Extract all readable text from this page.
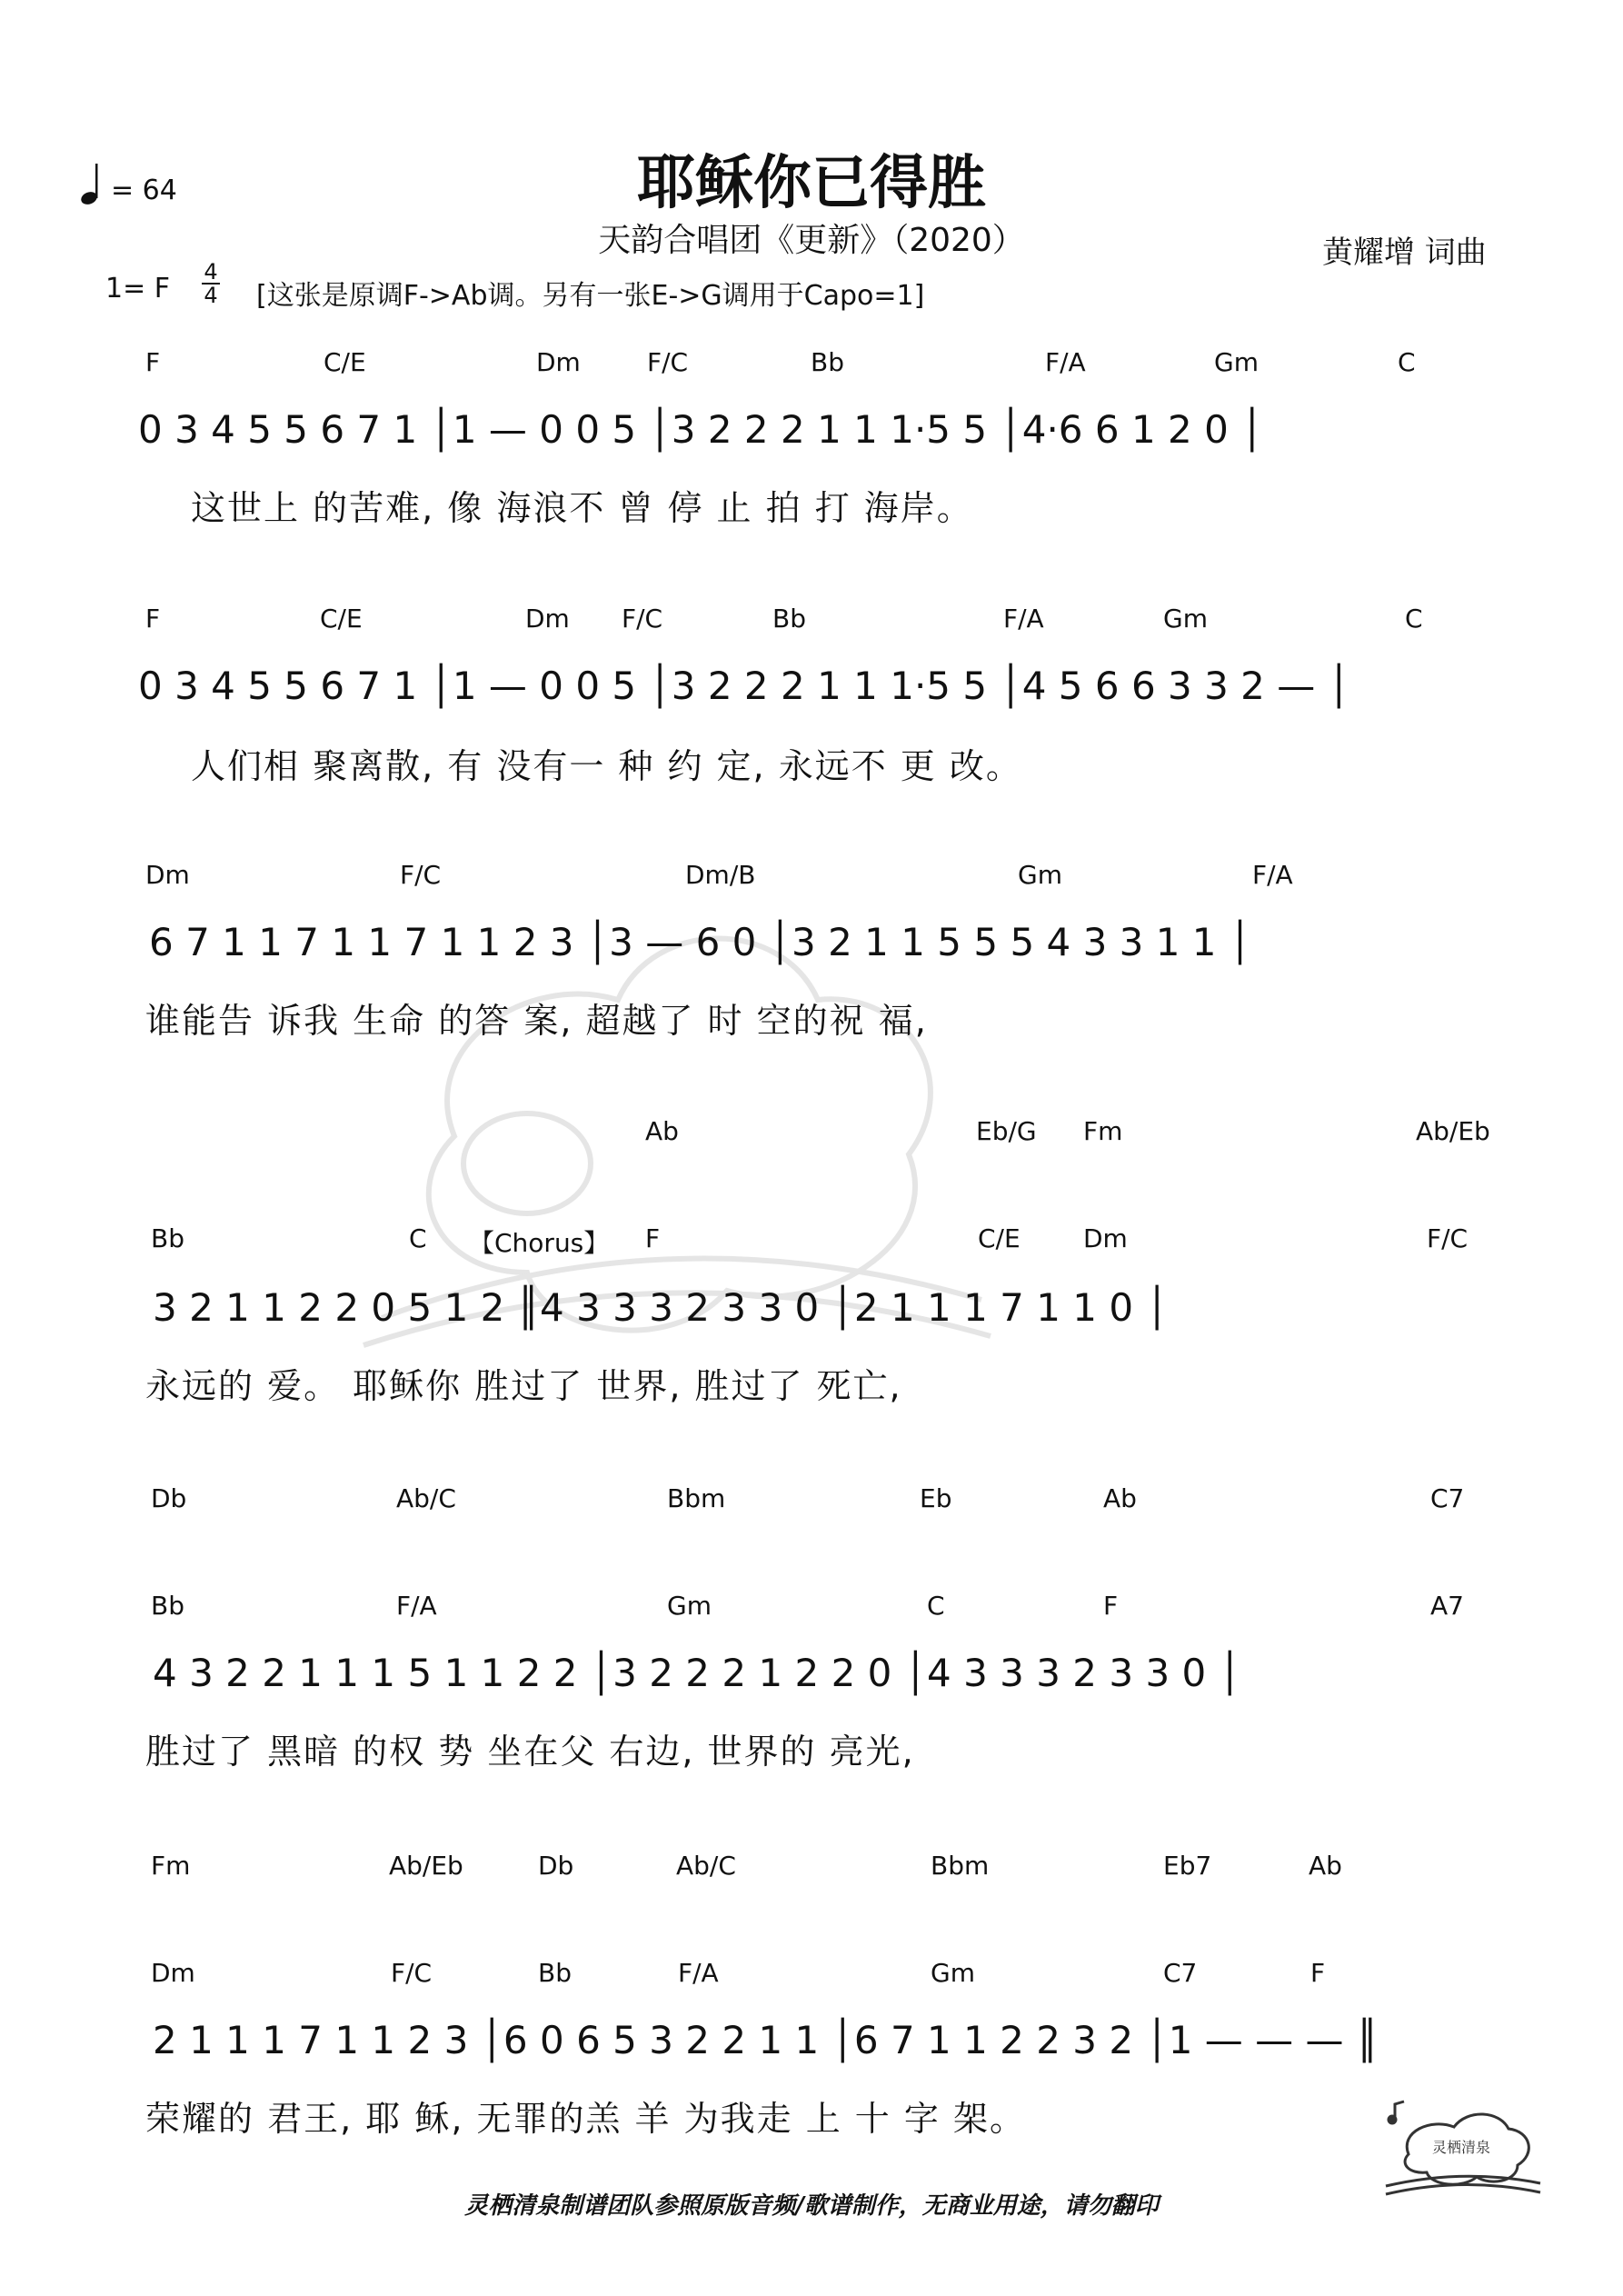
= 64	耶稣你已得胜
天韵合唱团《更新》（2020）	黄耀增 词曲
1= F
4
4 [这张是原调F->Ab调。另有一张E->G调用于Capo=1]
F	C/E	Dm	F/C	Bb	F/A	Gm	C
0 3 4 5 5 6 7 1 │1 — 0 0 5 │3 2 2 2 1 1 1·5 5 │4·6 6 1 2 0 │
这世上 的苦难, 像 海浪不 曾 停 止 拍 打 海岸。
F	C/E	Dm F/C	Bb	F/A	Gm	C
0 3 4 5 5 6 7 1 │1 — 0 0 5 │3 2 2 2 1 1 1·5 5 │4 5 6 6 3 3 2 — │
人们相 聚离散, 有 没有一 种 约 定, 永远不 更 改。
Dm	F/C	Dm/B	Gm	F/A
6 7 1 1 7 1 1 7 1 1 2 3 │3 — 6 0 │3 2 1 1 5 5 5 4 3 3 1 1 │
谁能告 诉我 生命 的答 案, 超越了 时 空的祝 福,
Ab	Eb/G Fm	Ab/Eb
Bb	C 【Chorus】 F	C/E Dm	F/C
3 2 1 1 2 2 0 5 1 2 ║4 3 3 3 2 3 3 0 │2 1 1 1 7 1 1 0 │
永远的 爱。 耶稣你 胜过了 世界, 胜过了 死亡,
Db	Ab/C	Bbm	Eb	Ab	C7
Bb	F/A	Gm	C	F	A7
4 3 2 2 1 1 1 5 1 1 2 2 │3 2 2 2 1 2 2 0 │4 3 3 3 2 3 3 0 │
胜过了 黑暗 的权 势 坐在父 右边, 世界的 亮光,
Fm	Ab/Eb	Db	Ab/C	Bbm	Eb7	Ab
Dm	F/C	Bb	F/A	Gm	C7	F
2 1 1 1 7 1 1 2 3 │6 0 6 5 3 2 2 1 1 │6 7 1 1 2 2 3 2 │1 — — — ║
荣耀的 君王, 耶 稣, 无罪的羔 羊 为我走 上 十 字 架。
灵栖清泉制谱团队参照原版音频/歌谱制作，无商业用途，请勿翻印
灵栖清泉
